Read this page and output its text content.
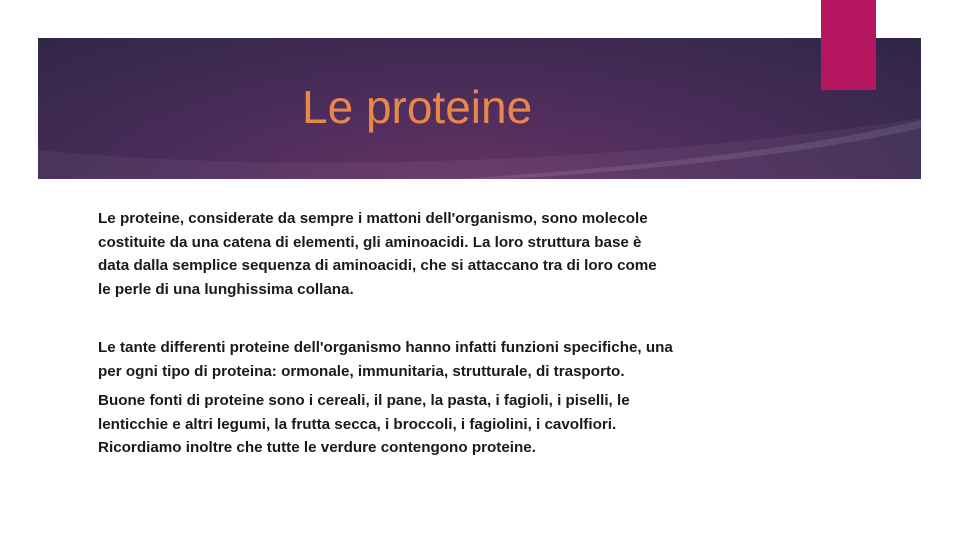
Le proteine

Le proteine, considerate da sempre i mattoni dell'organismo, sono molecole
costituite da una catena di elementi, gli aminoacidi. La loro struttura base è
data dalla semplice sequenza di aminoacidi, che si attaccano tra di loro come
le perle di una lunghissima collana.

Le tante differenti proteine dell'organismo hanno infatti funzioni specifiche, una
per ogni tipo di proteina: ormonale, immunitaria, strutturale, di trasporto.

Buone fonti di proteine sono i cereali, il pane, la pasta, i fagioli, i piselli, le
lenticchie e altri legumi, la frutta secca, i broccoli, i fagiolini, i cavolfiori.
Ricordiamo inoltre che tutte le verdure contengono proteine.
